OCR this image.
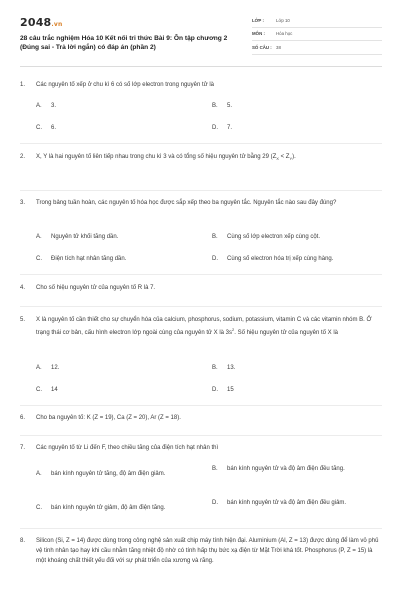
2048.vn
28 câu trắc nghiệm Hóa 10 Kết nối tri thức Bài 9: Ôn tập chương 2 (Đúng sai - Trả lời ngắn) có đáp án (phần 2)
LỚP :	Lớp 10
MÔN :	Hóa học
SỐ CÂU : 38
1.	Các nguyên tố xếp ở chu kì 6 có số lớp electron trong nguyên tử là
A.	3.	B.	5.
C.	6.	D.	7.
2.	X, Y là hai nguyên tố liên tiếp nhau trong chu kì 3 và có tổng số hiệu nguyên tử bằng 29 $(Z_X < Z_Y)$.
3.	Trong bảng tuần hoàn, các nguyên tố hóa học được sắp xếp theo ba nguyên tắc. Nguyên tắc nào sau đây đúng?
A.	Nguyên tử khối tăng dần.	B.	Cùng số lớp electron xếp cùng cột.
C.	Điện tích hạt nhân tăng dần.	D.	Cùng số electron hóa trị xếp cùng hàng.
4.	Cho số hiệu nguyên tử của nguyên tố R là 7.
5.	X là nguyên tố cần thiết cho sự chuyển hóa của calcium, phosphorus, sodium, potassium, vitamin C và các vitamin nhóm B. Ở trạng thái cơ bản, cấu hình electron lớp ngoài cùng của nguyên tử X là $3s^2$. Số hiệu nguyên tử của nguyên tố X là
A.	12.	B.	13.
C.	14	D.	15
6.	Cho ba nguyên tố: K (Z = 19), Ca (Z = 20), Ar (Z = 18).
7.	Các nguyên tố từ Li đến F, theo chiều tăng của điện tích hạt nhân thì
A.	bán kính nguyên tử tăng, độ âm điện giảm.
B.	bán kính nguyên tử và độ âm điện đều tăng.
C.	bán kính nguyên tử giảm, độ âm điện tăng.
D.	bán kính nguyên tử và độ âm điện đều giảm.
8.	Silicon (Si, Z = 14) được dùng trong công nghệ sản xuất chip máy tính hiện đại. Aluminium (Al, Z = 13) được dùng để làm vỏ phủ vệ tinh nhân tạo hay khi cầu nhằm tăng nhiệt độ nhờ có tính hấp thụ bức xạ điện từ Mặt Trời khá tốt. Phosphorus (P, Z = 15) là một khoáng chất thiết yếu đối với sự phát triển của xương và răng.
